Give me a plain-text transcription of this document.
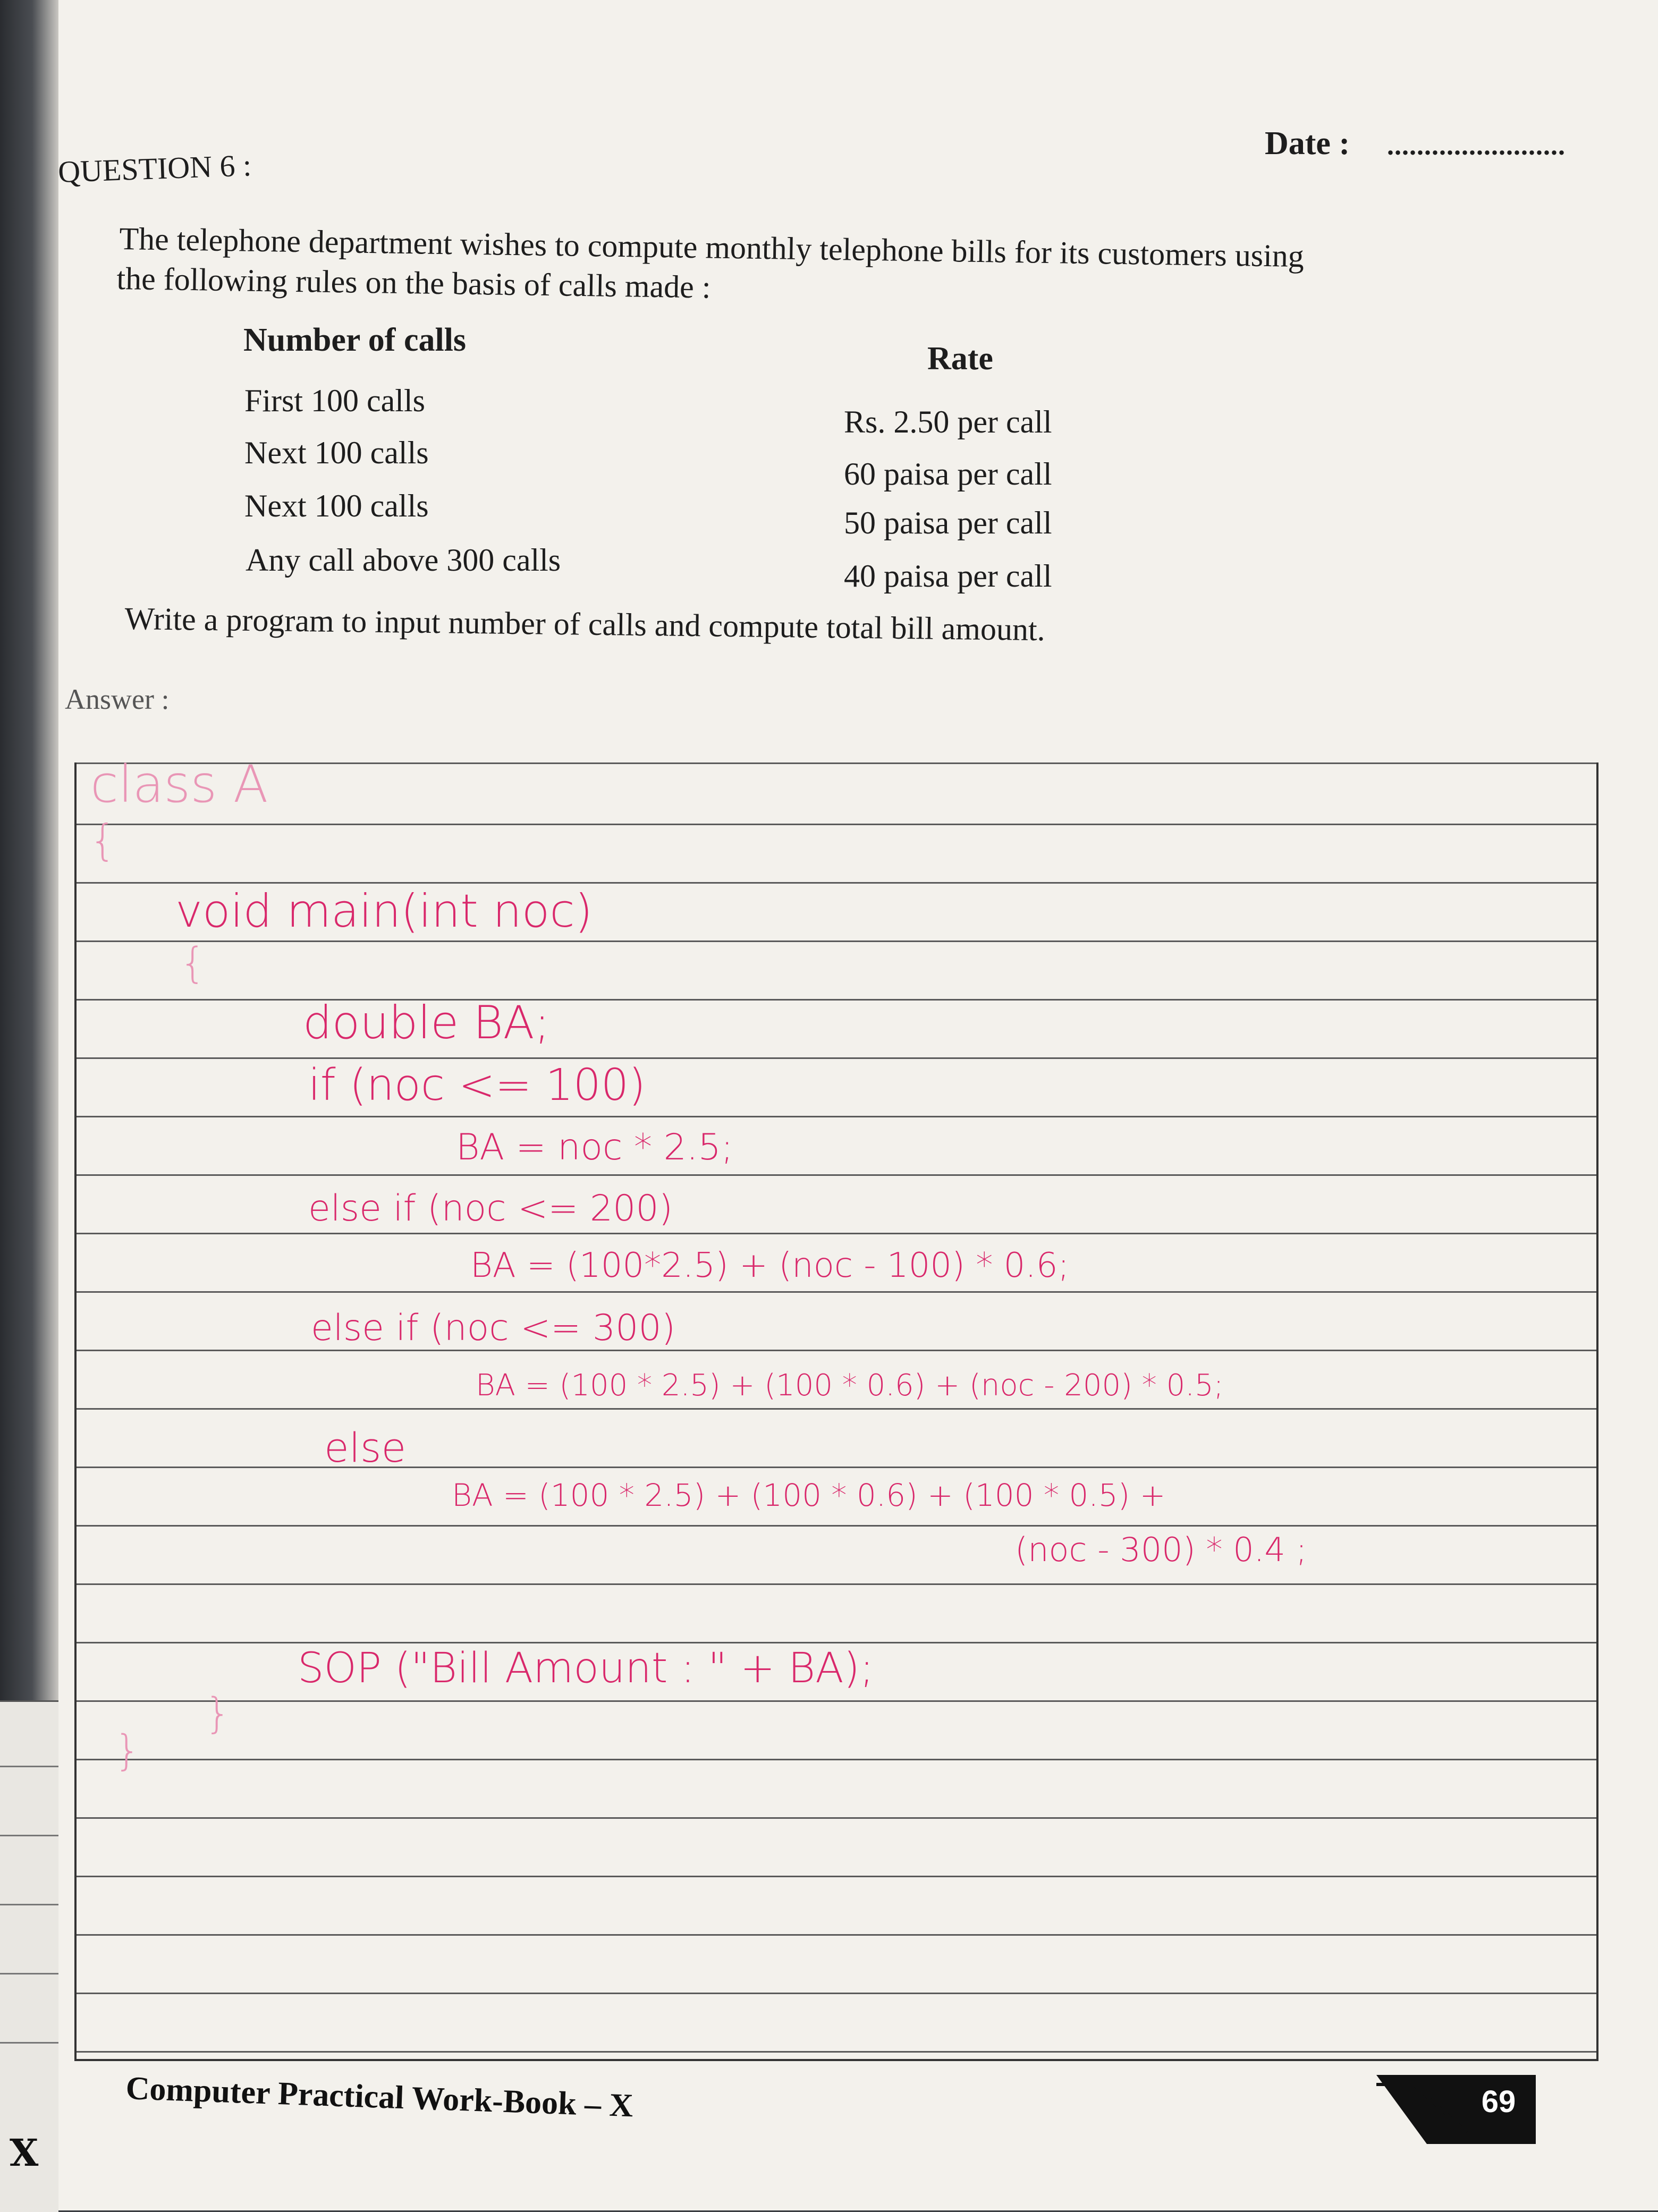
X
Date : ........................
QUESTION 6 :
The telephone department wishes to compute monthly telephone bills for its customers using
the following rules on the basis of calls made :
Number of calls
Rate
First 100 calls
Next 100 calls
Next 100 calls
Any call above 300 calls
Rs. 2.50 per call
60 paisa per call
50 paisa per call
40 paisa per call
Write a program to input number of calls and compute total bill amount.
Answer :
class A
{
void main(int noc)
{
double BA;
if (noc <= 100)
BA = noc * 2.5;
else if (noc <= 200)
BA = (100*2.5) + (noc - 100) * 0.6;
else if (noc <= 300)
BA = (100 * 2.5) + (100 * 0.6) + (noc - 200) * 0.5;
else
BA = (100 * 2.5) + (100 * 0.6) + (100 * 0.5) +
(noc - 300) * 0.4 ;
SOP ("Bill Amount : " + BA);
}
}
Computer Practical Work-Book – X	69
